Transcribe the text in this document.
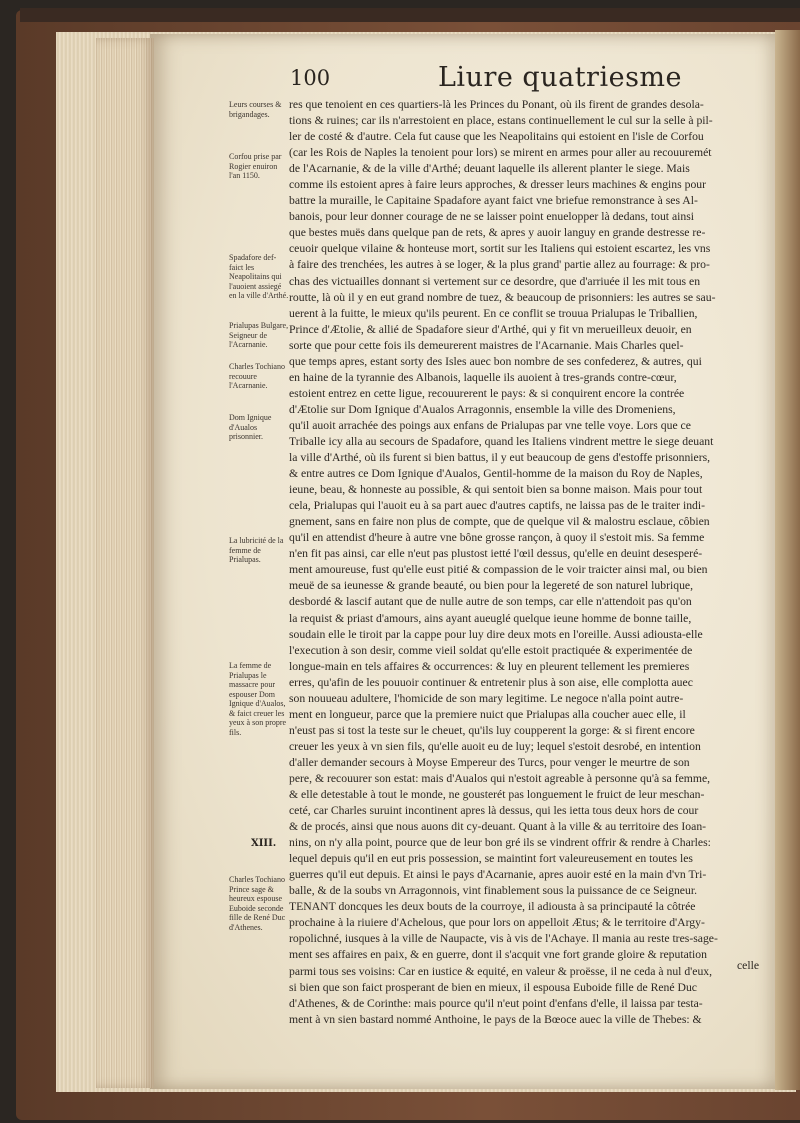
100	Liure quatriesme
Leurs courses & brigandages.
Corfou prise par Rogier enuiron l'an 1150.
Spadafore def-faict les Neapolitains qui l'auoient assiegé en la ville d'Arthé.
Prialupas Bulgare, Seigneur de l'Acarnanie.
Charles Tochiano recouure l'Acarnanie.
Dom Ignique d'Aualos prisonnier.
La lubricité de la femme de Prialupas.
La femme de Prialupas le massacre pour espouser Dom Ignique d'Aualos, & faict creuer les yeux à son propre fils.
Charles Tochiano Prince sage & heureux espouse Euboide seconde fille de René Duc d'Athenes.
XIII.
res que tenoient en ces quartiers-là les Princes du Ponant, où ils firent de grandes desola-
tions & ruines; car ils n'arrestoient en place, estans continuellement le cul sur la selle à pil-
ler de costé & d'autre. Cela fut cause que les Neapolitains qui estoient en l'isle de Corfou
(car les Rois de Naples la tenoient pour lors) se mirent en armes pour aller au recouuremét
de l'Acarnanie, & de la ville d'Arthé; deuant laquelle ils allerent planter le siege. Mais
comme ils estoient apres à faire leurs approches, & dresser leurs machines & engins pour
battre la muraille, le Capitaine Spadafore ayant faict vne briefue remonstrance à ses Al-
banois, pour leur donner courage de ne se laisser point enuelopper là dedans, tout ainsi
que bestes muës dans quelque pan de rets, & apres y auoir languy en grande destresse re-
ceuoir quelque vilaine & honteuse mort, sortit sur les Italiens qui estoient escartez, les vns
à faire des trenchées, les autres à se loger, & la plus grand' partie allez au fourrage: & pro-
chas des victuailles donnant si vertement sur ce desordre, que d'arriuée il les mit tous en
routte, là où il y en eut grand nombre de tuez, & beaucoup de prisonniers: les autres se sau-
uerent à la fuitte, le mieux qu'ils peurent. En ce conflit se trouua Prialupas le Triballien,
Prince d'Ætolie, & allié de Spadafore sieur d'Arthé, qui y fit vn merueilleux deuoir, en
sorte que pour cette fois ils demeurerent maistres de l'Acarnanie. Mais Charles quel-
que temps apres, estant sorty des Isles auec bon nombre de ses confederez, & autres, qui
en haine de la tyrannie des Albanois, laquelle ils auoient à tres-grands contre-cœur,
estoient entrez en cette ligue, recouurerent le pays: & si conquirent encore la contrée
d'Ætolie sur Dom Ignique d'Aualos Arragonnis, ensemble la ville des Dromeniens,
qu'il auoit arrachée des poings aux enfans de Prialupas par vne telle voye. Lors que ce
Triballe icy alla au secours de Spadafore, quand les Italiens vindrent mettre le siege deuant
la ville d'Arthé, où ils furent si bien battus, il y eut beaucoup de gens d'estoffe prisonniers,
& entre autres ce Dom Ignique d'Aualos, Gentil-homme de la maison du Roy de Naples,
ieune, beau, & honneste au possible, & qui sentoit bien sa bonne maison. Mais pour tout
cela, Prialupas qui l'auoit eu à sa part auec d'autres captifs, ne laissa pas de le traiter indi-
gnement, sans en faire non plus de compte, que de quelque vil & malostru esclaue, côbien
qu'il en attendist d'heure à autre vne bône grosse rançon, à quoy il s'estoit mis. Sa femme
n'en fit pas ainsi, car elle n'eut pas plustost ietté l'œil dessus, qu'elle en deuint desesperé-
ment amoureuse, fust qu'elle eust pitié & compassion de le voir traicter ainsi mal, ou bien
meuë de sa ieunesse & grande beauté, ou bien pour la legereté de son naturel lubrique,
desbordé & lascif autant que de nulle autre de son temps, car elle n'attendoit pas qu'on
la requist & priast d'amours, ains ayant aueuglé quelque ieune homme de bonne taille,
soudain elle le tiroit par la cappe pour luy dire deux mots en l'oreille. Aussi adiousta-elle
l'execution à son desir, comme vieil soldat qu'elle estoit practiquée & experimentée de
longue-main en tels affaires & occurrences: & luy en pleurent tellement les premieres
erres, qu'afin de les pouuoir continuer & entretenir plus à son aise, elle complotta auec
son nouueau adultere, l'homicide de son mary legitime. Le negoce n'alla point autre-
ment en longueur, parce que la premiere nuict que Prialupas alla coucher auec elle, il
n'eust pas si tost la teste sur le cheuet, qu'ils luy coupperent la gorge: & si firent encore
creuer les yeux à vn sien fils, qu'elle auoit eu de luy; lequel s'estoit desrobé, en intention
d'aller demander secours à Moyse Empereur des Turcs, pour venger le meurtre de son
pere, & recouurer son estat: mais d'Aualos qui n'estoit agreable à personne qu'à sa femme,
& elle detestable à tout le monde, ne gousterét pas longuement le fruict de leur meschan-
ceté, car Charles suruint incontinent apres là dessus, qui les ietta tous deux hors de cour
& de procés, ainsi que nous auons dit cy-deuant. Quant à la ville & au territoire des Ioan-
nins, on n'y alla point, pource que de leur bon gré ils se vindrent offrir & rendre à Charles:
lequel depuis qu'il en eut pris possession, se maintint fort valeureusement en toutes les
guerres qu'il eut depuis. Et ainsi le pays d'Acarnanie, apres auoir esté en la main d'vn Tri-
balle, & de la soubs vn Arragonnois, vint finablement sous la puissance de ce Seigneur.
TENANT doncques les deux bouts de la courroye, il adiousta à sa principauté la côtrée
prochaine à la riuiere d'Achelous, que pour lors on appelloit Ætus; & le territoire d'Argy-
ropolichné, iusques à la ville de Naupacte, vis à vis de l'Achaye. Il mania au reste tres-sage-
ment ses affaires en paix, & en guerre, dont il s'acquit vne fort grande gloire & reputation
parmi tous ses voisins: Car en iustice & equité, en valeur & proësse, il ne ceda à nul d'eux,
si bien que son faict prosperant de bien en mieux, il espousa Euboide fille de René Duc
d'Athenes, & de Corinthe: mais pource qu'il n'eut point d'enfans d'elle, il laissa par testa-
ment à vn sien bastard nommé Anthoine, le pays de la Bœoce auec la ville de Thebes: &
celle
